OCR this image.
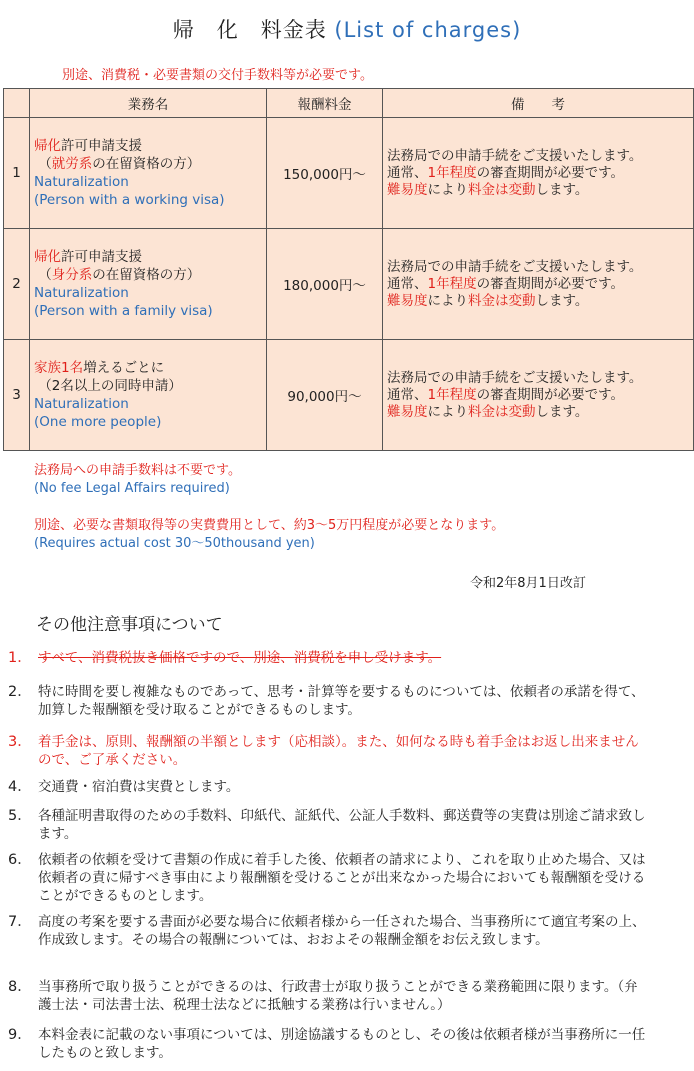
帰　化　料金表 (List of charges)
別途、消費税・必要書類の交付手数料等が必要です。
	業務名	報酬料金	備　　考
1	帰化許可申請支援
（就労系の在留資格の方）
Naturalization
(Person with a working visa)	150,000円～	法務局での申請手続をご支援いたします。
通常、1年程度の審査期間が必要です。
難易度により料金は変動します。

2	帰化許可申請支援
（身分系の在留資格の方）
Naturalization
(Person with a family visa)	180,000円～	法務局での申請手続をご支援いたします。
通常、1年程度の審査期間が必要です。
難易度により料金は変動します。

3	家族1名増えるごとに
（2名以上の同時申請）
Naturalization
(One more people)	90,000円～	法務局での申請手続をご支援いたします。
通常、1年程度の審査期間が必要です。
難易度により料金は変動します。
法務局への申請手数料は不要です。
(No fee Legal Affairs required)
別途、必要な書類取得等の実費費用として、約3～5万円程度が必要となります。
(Requires actual cost 30～50thousand yen)
令和2年8月1日改訂
その他注意事項について
1． すべて、消費税抜き価格ですので、別途、消費税を申し受けます。
2． 特に時間を要し複雑なものであって、思考・計算等を要するものについては、依頼者の承諾を得て、加算した報酬額を受け取ることができるものします。
3． 着手金は、原則、報酬額の半額とします（応相談）。また、如何なる時も着手金はお返し出来ませんので、ご了承ください。
4． 交通費・宿泊費は実費とします。
5． 各種証明書取得のための手数料、印紙代、証紙代、公証人手数料、郵送費等の実費は別途ご請求致します。
6． 依頼者の依頼を受けて書類の作成に着手した後、依頼者の請求により、これを取り止めた場合、又は依頼者の責に帰すべき事由により報酬額を受けることが出来なかった場合においても報酬額を受けることができるものとします。
7． 高度の考案を要する書面が必要な場合に依頼者様から一任された場合、当事務所にて適宜考案の上、作成致します。その場合の報酬については、おおよその報酬金額をお伝え致します。
8． 当事務所で取り扱うことができるのは、行政書士が取り扱うことができる業務範囲に限ります。（弁護士法・司法書士法、税理士法などに抵触する業務は行いません。）
9． 本料金表に記載のない事項については、別途協議するものとし、その後は依頼者様が当事務所に一任したものと致します。
